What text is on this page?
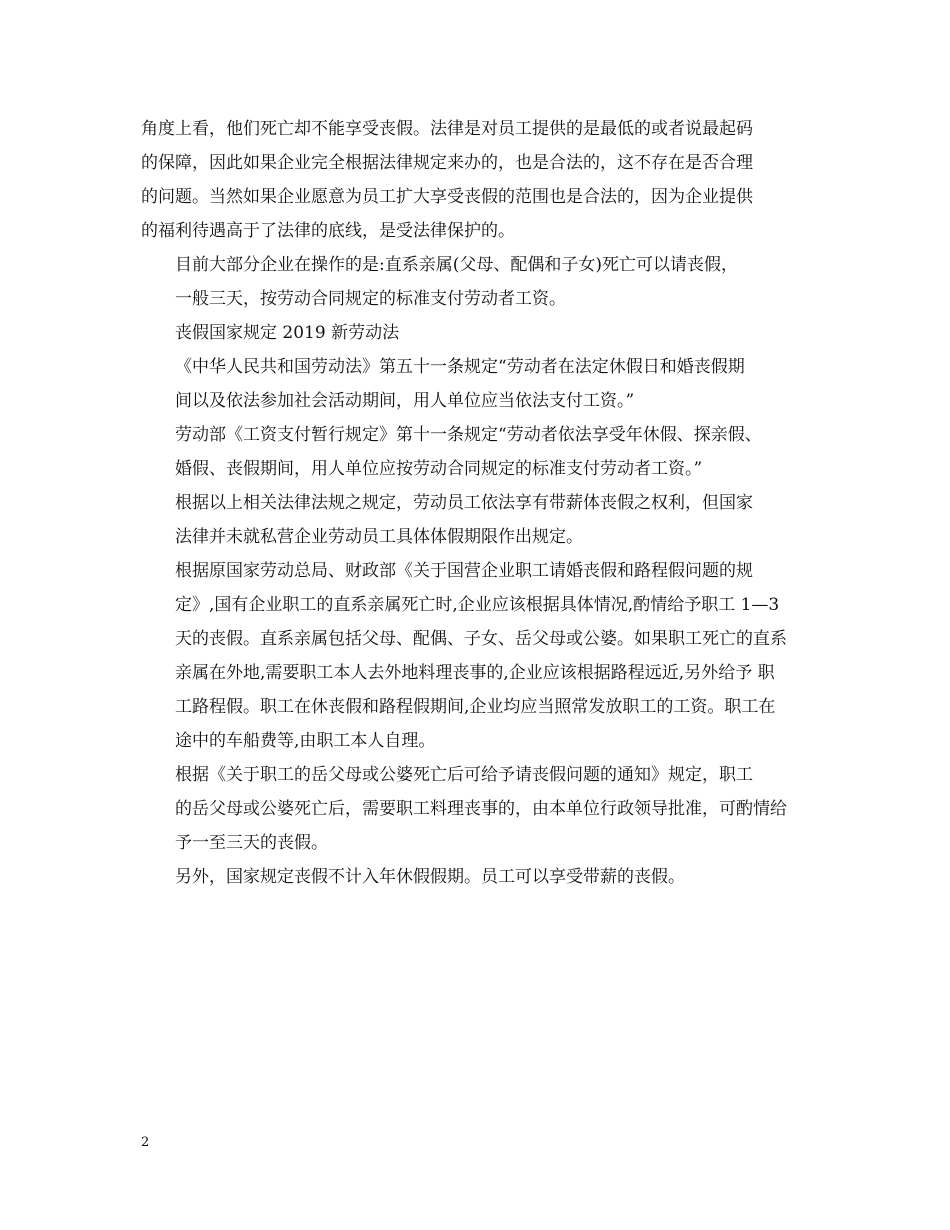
角度上看，他们死亡却不能享受丧假。法律是对员工提供的是最低的或者说最起码
的保障，因此如果企业完全根据法律规定来办的，也是合法的，这不存在是否合理
的问题。当然如果企业愿意为员工扩大享受丧假的范围也是合法的，因为企业提供
的福利待遇高于了法律的底线，是受法律保护的。

目前大部分企业在操作的是:直系亲属(父母、配偶和子女)死亡可以请丧假，
一般三天，按劳动合同规定的标准支付劳动者工资。

丧假国家规定 2019 新劳动法

《中华人民共和国劳动法》第五十一条规定“劳动者在法定休假日和婚丧假期
间以及依法参加社会活动期间，用人单位应当依法支付工资。”

劳动部《工资支付暂行规定》第十一条规定“劳动者依法享受年休假、探亲假、
婚假、丧假期间，用人单位应按劳动合同规定的标准支付劳动者工资。”

根据以上相关法律法规之规定，劳动员工依法享有带薪体丧假之权利，但国家
法律并未就私营企业劳动员工具体体假期限作出规定。

根据原国家劳动总局、财政部《关于国营企业职工请婚丧假和路程假问题的规
定》,国有企业职工的直系亲属死亡时,企业应该根据具体情况,酌情给予职工 1—3
天的丧假。直系亲属包括父母、配偶、子女、岳父母或公婆。如果职工死亡的直系
亲属在外地,需要职工本人去外地料理丧事的,企业应该根据路程远近,另外给予 职
工路程假。职工在休丧假和路程假期间,企业均应当照常发放职工的工资。职工在
途中的车船费等,由职工本人自理。

根据《关于职工的岳父母或公婆死亡后可给予请丧假问题的通知》规定，职工
的岳父母或公婆死亡后，需要职工料理丧事的，由本单位行政领导批准，可酌情给
予一至三天的丧假。

另外，国家规定丧假不计入年休假假期。员工可以享受带薪的丧假。

2
